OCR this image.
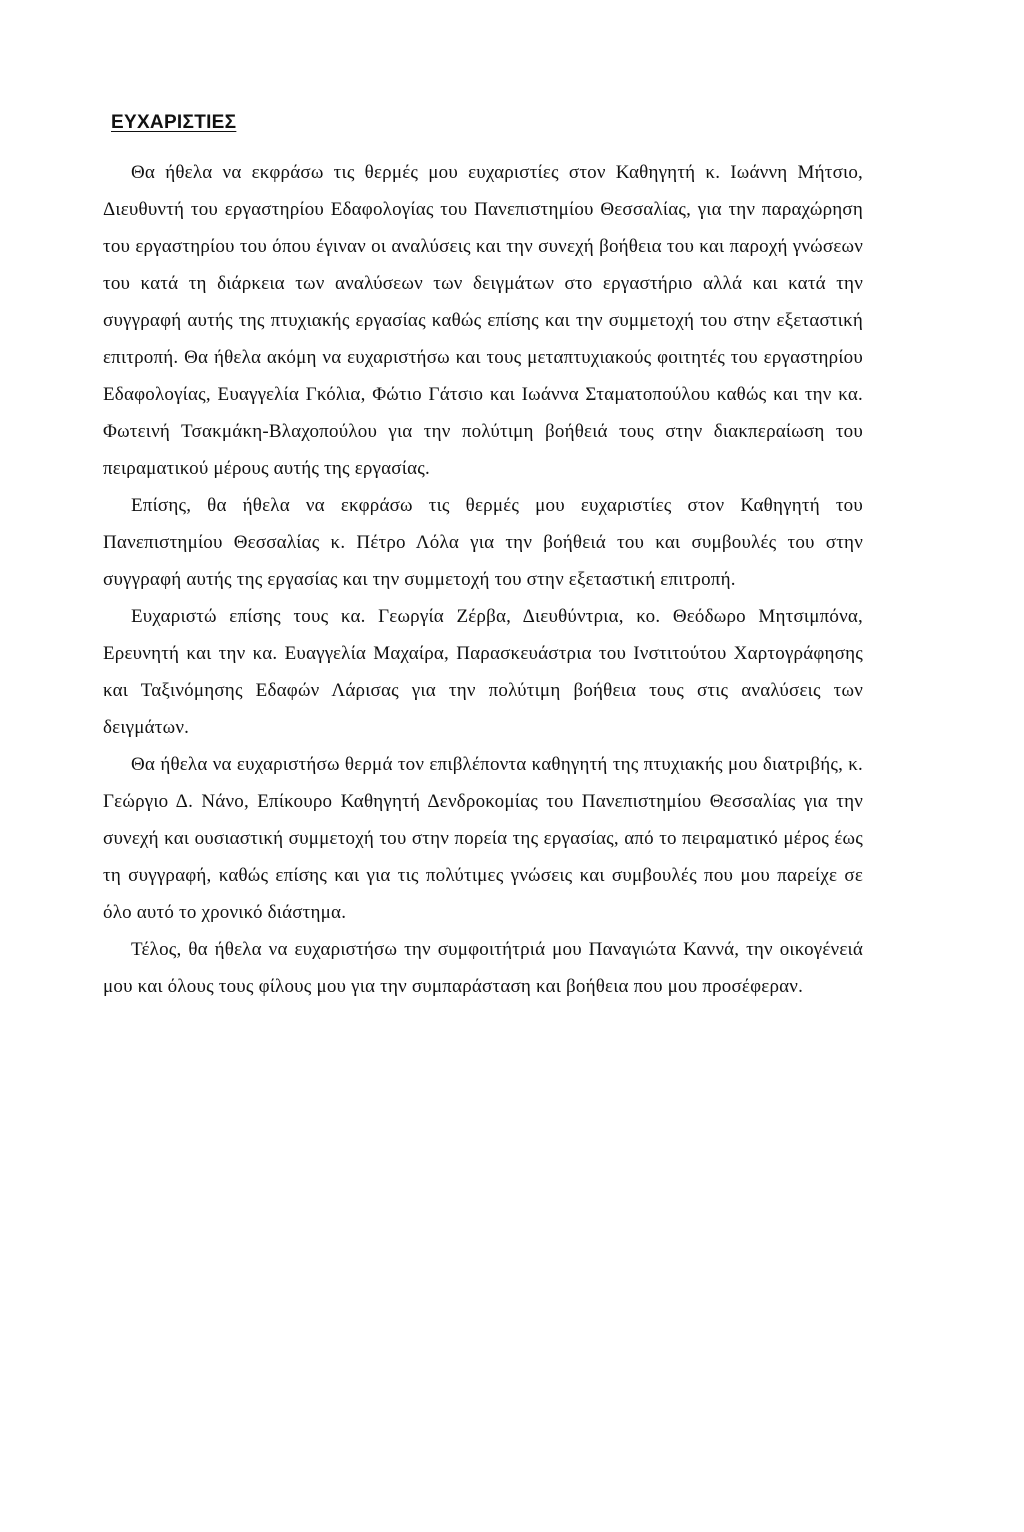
ΕΥΧΑΡΙΣΤΙΕΣ

Θα ήθελα να εκφράσω τις θερμές μου ευχαριστίες στον Καθηγητή κ. Ιωάννη Μήτσιο, Διευθυντή του εργαστηρίου Εδαφολογίας του Πανεπιστημίου Θεσσαλίας, για την παραχώρηση του εργαστηρίου του όπου έγιναν οι αναλύσεις και την συνεχή βοήθεια του και παροχή γνώσεων του κατά τη διάρκεια των αναλύσεων των δειγμάτων στο εργαστήριο αλλά και κατά την συγγραφή αυτής της πτυχιακής εργασίας καθώς επίσης και την συμμετοχή του στην εξεταστική επιτροπή. Θα ήθελα ακόμη να ευχαριστήσω και τους μεταπτυχιακούς φοιτητές του εργαστηρίου Εδαφολογίας, Ευαγγελία Γκόλια, Φώτιο Γάτσιο και Ιωάννα Σταματοπούλου καθώς και την κα. Φωτεινή Τσακμάκη-Βλαχοπούλου για την πολύτιμη βοήθειά τους στην διακπεραίωση του πειραματικού μέρους αυτής της εργασίας.

Επίσης, θα ήθελα να εκφράσω τις θερμές μου ευχαριστίες στον Καθηγητή του Πανεπιστημίου Θεσσαλίας κ. Πέτρο Λόλα για την βοήθειά του και συμβουλές του στην συγγραφή αυτής της εργασίας και την συμμετοχή του στην εξεταστική επιτροπή.

Ευχαριστώ επίσης τους κα. Γεωργία Ζέρβα, Διευθύντρια, κο. Θεόδωρο Μητσιμπόνα, Ερευνητή και την κα. Ευαγγελία Μαχαίρα, Παρασκευάστρια του Ινστιτούτου Χαρτογράφησης και Ταξινόμησης Εδαφών Λάρισας για την πολύτιμη βοήθεια τους στις αναλύσεις των δειγμάτων.

Θα ήθελα να ευχαριστήσω θερμά τον επιβλέποντα καθηγητή της πτυχιακής μου διατριβής, κ. Γεώργιο Δ. Νάνο, Επίκουρο Καθηγητή Δενδροκομίας του Πανεπιστημίου Θεσσαλίας για την συνεχή και ουσιαστική συμμετοχή του στην πορεία της εργασίας, από το πειραματικό μέρος έως τη συγγραφή, καθώς επίσης και για τις πολύτιμες γνώσεις και συμβουλές που μου παρείχε σε όλο αυτό το χρονικό διάστημα.

Τέλος, θα ήθελα να ευχαριστήσω την συμφοιτήτριά μου Παναγιώτα Καννά, την οικογένειά μου και όλους τους φίλους μου για την συμπαράσταση και βοήθεια που μου προσέφεραν.
